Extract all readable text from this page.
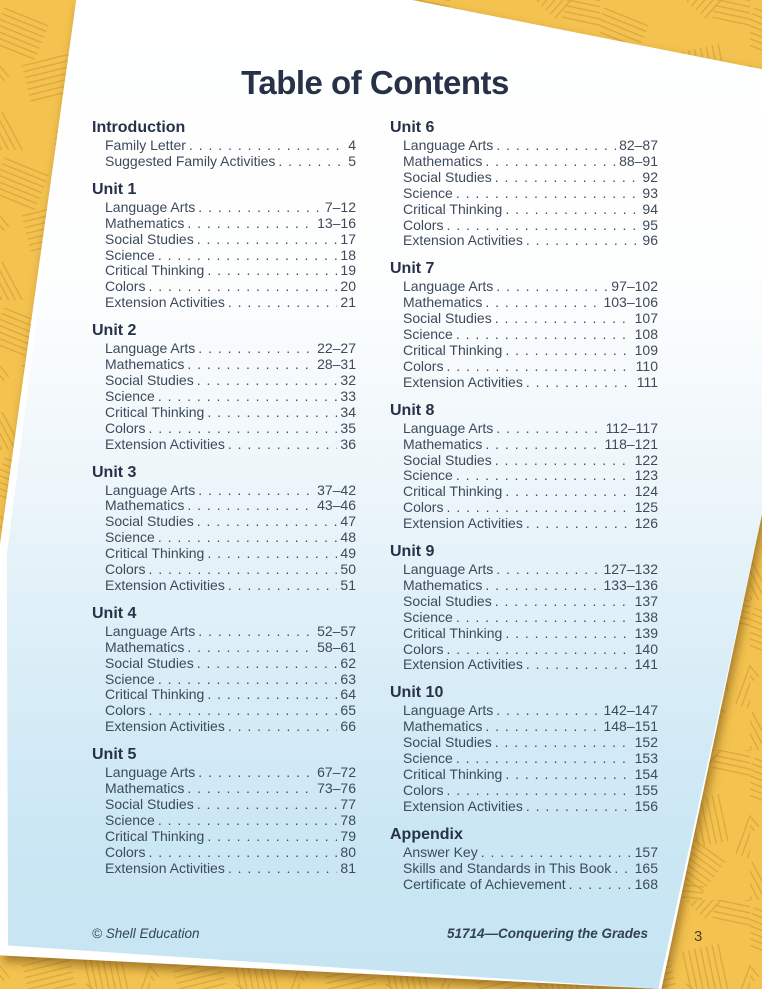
Table of Contents
Introduction
Family Letter . . .	4
Suggested Family Activities . . .	5
Unit 1
Language Arts . . .	7–12
Mathematics . . .	13–16
Social Studies . . .	17
Science . . .	18
Critical Thinking . . .	19
Colors . . .	20
Extension Activities . . .	21
Unit 2
Language Arts . . .	22–27
Mathematics . . .	28–31
Social Studies . . .	32
Science . . .	33
Critical Thinking . . .	34
Colors . . .	35
Extension Activities . . .	36
Unit 3
Language Arts . . .	37–42
Mathematics . . .	43–46
Social Studies . . .	47
Science . . .	48
Critical Thinking . . .	49
Colors . . .	50
Extension Activities . . .	51
Unit 4
Language Arts . . .	52–57
Mathematics . . .	58–61
Social Studies . . .	62
Science . . .	63
Critical Thinking . . .	64
Colors . . .	65
Extension Activities . . .	66
Unit 5
Language Arts . . .	67–72
Mathematics . . .	73–76
Social Studies . . .	77
Science . . .	78
Critical Thinking . . .	79
Colors . . .	80
Extension Activities . . .	81
Unit 6
Language Arts . . .	82–87
Mathematics . . .	88–91
Social Studies . . .	92
Science . . .	93
Critical Thinking . . .	94
Colors . . .	95
Extension Activities . . .	96
Unit 7
Language Arts . . .	97–102
Mathematics . . .	103–106
Social Studies . . .	107
Science . . .	108
Critical Thinking . . .	109
Colors . . .	110
Extension Activities . . .	111
Unit 8
Language Arts . . .	112–117
Mathematics . . .	118–121
Social Studies . . .	122
Science . . .	123
Critical Thinking . . .	124
Colors . . .	125
Extension Activities . . .	126
Unit 9
Language Arts . . .	127–132
Mathematics . . .	133–136
Social Studies . . .	137
Science . . .	138
Critical Thinking . . .	139
Colors . . .	140
Extension Activities . . .	141
Unit 10
Language Arts . . .	142–147
Mathematics . . .	148–151
Social Studies . . .	152
Science . . .	153
Critical Thinking . . .	154
Colors . . .	155
Extension Activities . . .	156
Appendix
Answer Key . . .	157
Skills and Standards in This Book . . . 165
Certificate of Achievement . . .	168
© Shell Education	51714—Conquering the Grades	3
